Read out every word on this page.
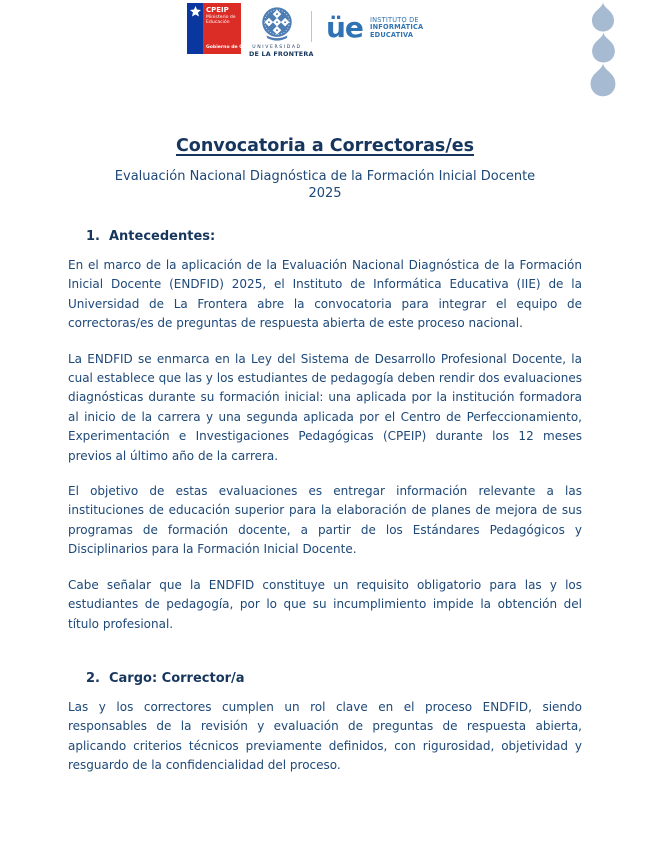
CPEIP
Ministerio de Educación
Gobierno de Chile UNIVERSIDAD
DE LA FRONTERA
üe INSTITUTO DE
INFORMÁTICA
EDUCATIVA
Convocatoria a Correctoras/es
Evaluación Nacional Diagnóstica de la Formación Inicial Docente
2025
1. Antecedentes:

En el marco de la aplicación de la Evaluación Nacional Diagnóstica de la Formación Inicial Docente (ENDFID) 2025, el Instituto de Informática Educativa (IIE) de la Universidad de La Frontera abre la convocatoria para integrar el equipo de correctoras/es de preguntas de respuesta abierta de este proceso nacional.

La ENDFID se enmarca en la Ley del Sistema de Desarrollo Profesional Docente, la cual establece que las y los estudiantes de pedagogía deben rendir dos evaluaciones diagnósticas durante su formación inicial: una aplicada por la institución formadora al inicio de la carrera y una segunda aplicada por el Centro de Perfeccionamiento, Experimentación e Investigaciones Pedagógicas (CPEIP) durante los 12 meses previos al último año de la carrera.

El objetivo de estas evaluaciones es entregar información relevante a las instituciones de educación superior para la elaboración de planes de mejora de sus programas de formación docente, a partir de los Estándares Pedagógicos y Disciplinarios para la Formación Inicial Docente.

Cabe señalar que la ENDFID constituye un requisito obligatorio para las y los estudiantes de pedagogía, por lo que su incumplimiento impide la obtención del título profesional.

2. Cargo: Corrector/a

Las y los correctores cumplen un rol clave en el proceso ENDFID, siendo responsables de la revisión y evaluación de preguntas de respuesta abierta, aplicando criterios técnicos previamente definidos, con rigurosidad, objetividad y resguardo de la confidencialidad del proceso.
